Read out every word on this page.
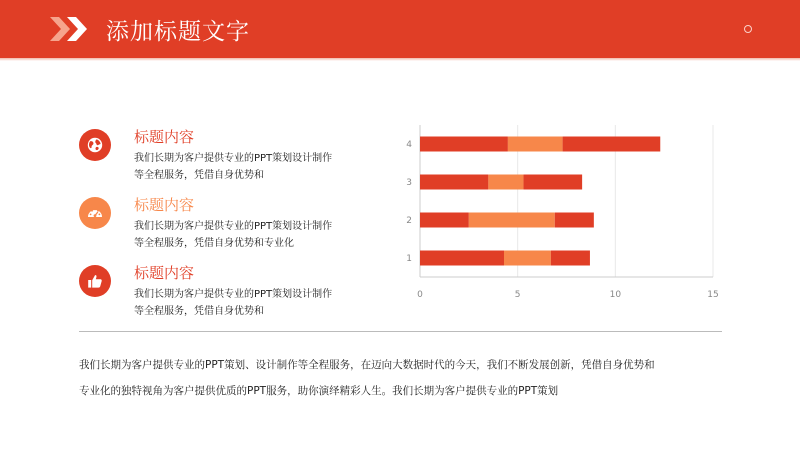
添加标题文字
标题内容
我们长期为客户提供专业的PPT策划设计制作
等全程服务，凭借自身优势和
标题内容
我们长期为客户提供专业的PPT策划设计制作
等全程服务，凭借自身优势和专业化
标题内容
我们长期为客户提供专业的PPT策划设计制作
等全程服务，凭借自身优势和
1
2
3
4
0	5	10	15
我们长期为客户提供专业的PPT策划、设计制作等全程服务，在迈向大数据时代的今天，我们不断发展创新，凭借自身优势和
专业化的独特视角为客户提供优质的PPT服务，助你演绎精彩人生。我们长期为客户提供专业的PPT策划
